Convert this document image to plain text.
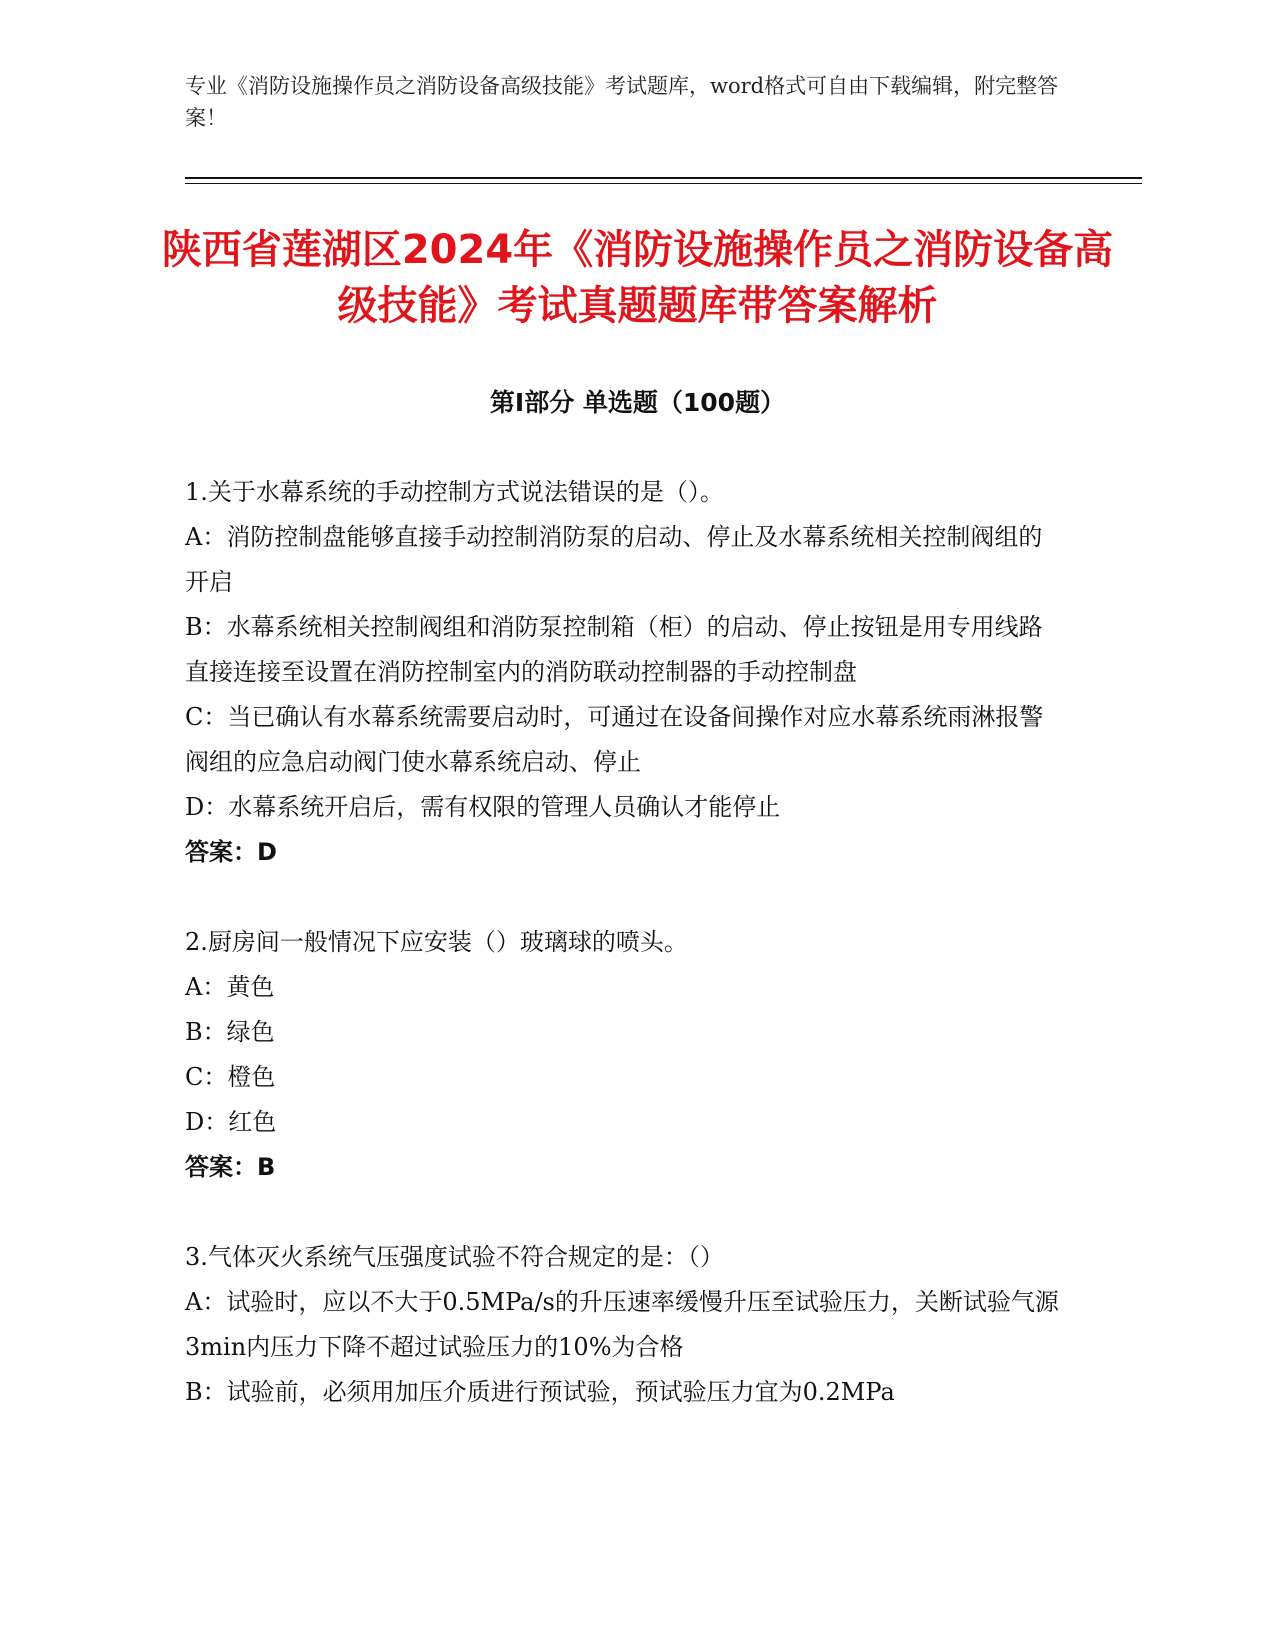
专业《消防设施操作员之消防设备高级技能》考试题库，word格式可自由下载编辑，附完整答案！
陕西省莲湖区2024年《消防设施操作员之消防设备高级技能》考试真题题库带答案解析
第Ⅰ部分 单选题（100题）
1.关于水幕系统的手动控制方式说法错误的是（）。
A：消防控制盘能够直接手动控制消防泵的启动、停止及水幕系统相关控制阀组的开启
B：水幕系统相关控制阀组和消防泵控制箱（柜）的启动、停止按钮是用专用线路直接连接至设置在消防控制室内的消防联动控制器的手动控制盘
C：当已确认有水幕系统需要启动时，可通过在设备间操作对应水幕系统雨淋报警阀组的应急启动阀门使水幕系统启动、停止
D：水幕系统开启后，需有权限的管理人员确认才能停止
答案：D
2.厨房间一般情况下应安装（）玻璃球的喷头。
A：黄色
B：绿色
C：橙色
D：红色
答案：B
3.气体灭火系统气压强度试验不符合规定的是：（）
A：试验时，应以不大于0.5MPa/s的升压速率缓慢升压至试验压力，关断试验气源3min内压力下降不超过试验压力的10%为合格
B：试验前，必须用加压介质进行预试验，预试验压力宜为0.2MPa
